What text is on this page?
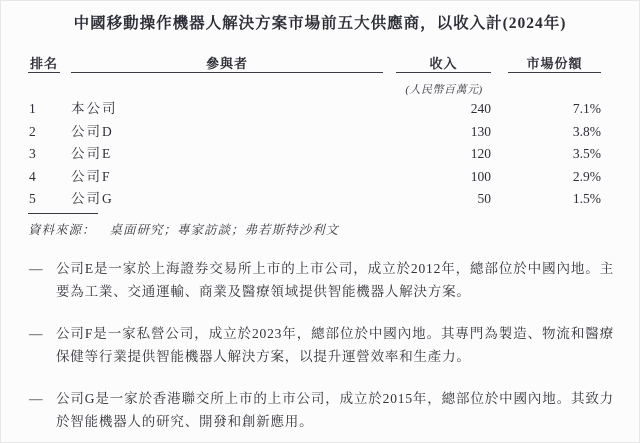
中國移動操作機器人解決方案市場前五大供應商，以收入計(2024年)
排名	參與者	收入	市場份額
(人民幣百萬元)
1	本公司	240	7.1%
2	公司D	130	3.8%
3	公司E	120	3.5%
4	公司F	100	2.9%
5	公司G	50	1.5%
資料來源： 桌面研究；專家訪談；弗若斯特沙利文
—	公司E是一家於上海證券交易所上市的上市公司，成立於2012年，總部位於中國內地。主要為工業、交通運輸、商業及醫療領域提供智能機器人解決方案。

—	公司F是一家私營公司，成立於2023年，總部位於中國內地。其專門為製造、物流和醫療保健等行業提供智能機器人解決方案，以提升運營效率和生產力。

—	公司G是一家於香港聯交所上市的上市公司，成立於2015年，總部位於中國內地。其致力於智能機器人的研究、開發和創新應用。
